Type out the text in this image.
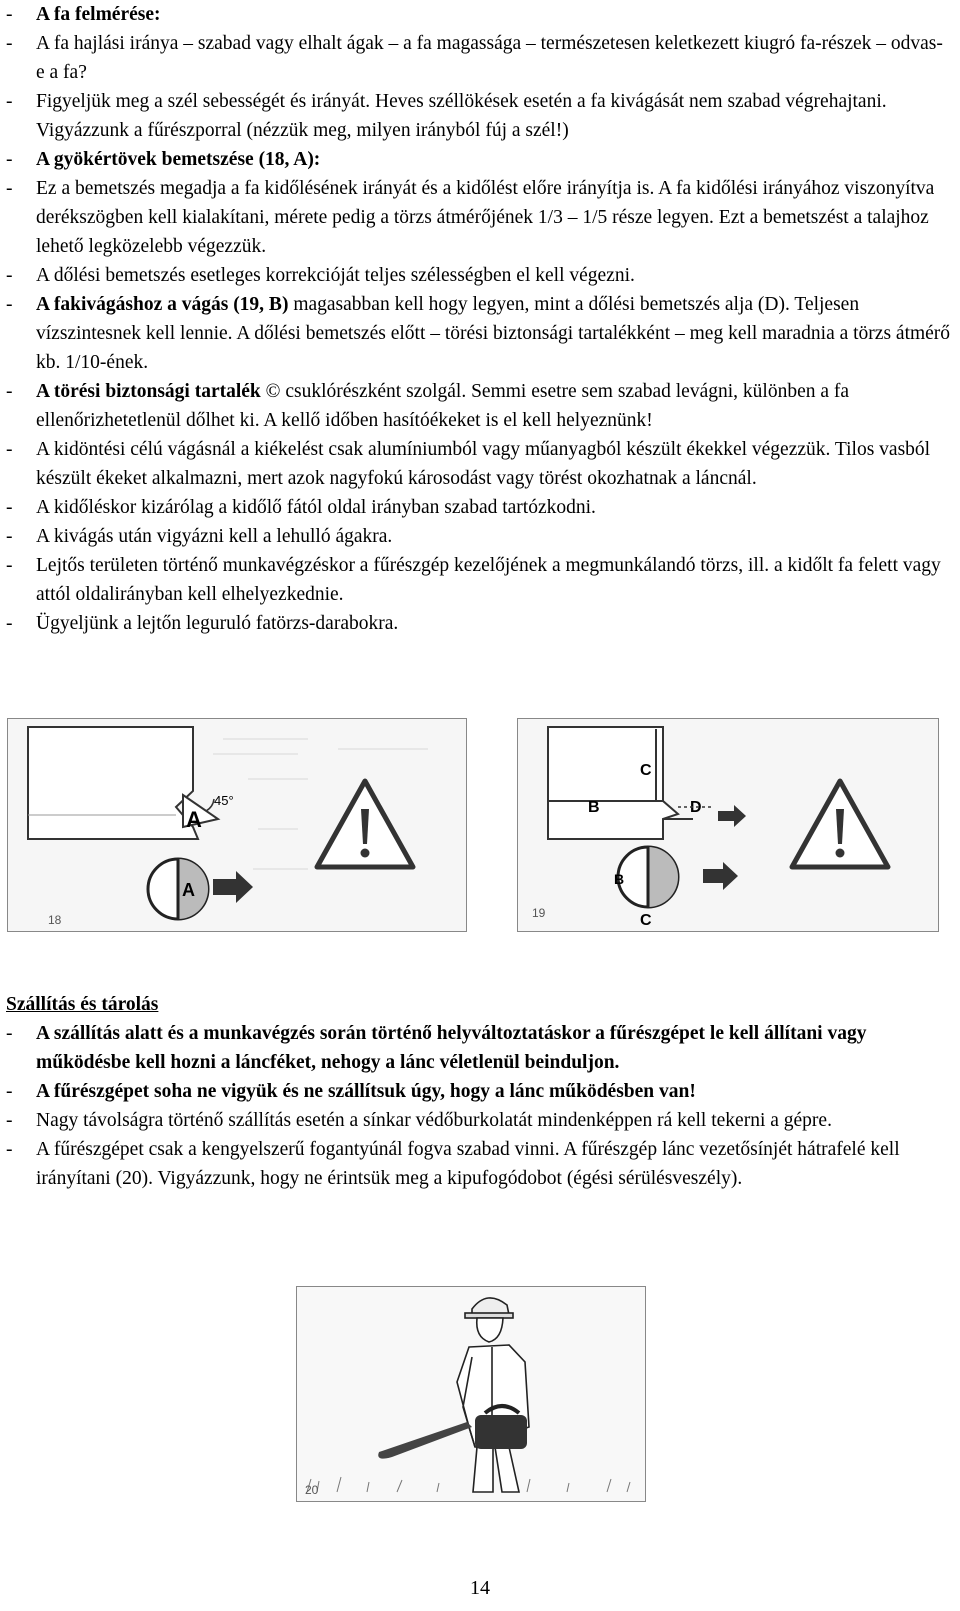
-	A fa felmérése:
-	A fa hajlási iránya – szabad vagy elhalt ágak – a fa magassága – természetesen keletkezett kiugró fa-részek – odvas-e a fa?
-	Figyeljük meg a szél sebességét és irányát. Heves széllökések esetén a fa kivágását nem szabad végrehajtani. Vigyázzunk a fűrészporral (nézzük meg, milyen irányból fúj a szél!)
-	A gyökértövek bemetszése (18, A):
-	Ez a bemetszés megadja a fa kidőlésének irányát és a kidőlést előre irányítja is. A fa kidőlési irányához viszonyítva derékszögben kell kialakítani, mérete pedig a törzs átmérőjének 1/3 – 1/5 része legyen. Ezt a bemetszést a talajhoz lehető legközelebb végezzük.
-	A dőlési bemetszés esetleges korrekcióját teljes szélességben el kell végezni.
-	A fakivágáshoz a vágás (19, B) magasabban kell hogy legyen, mint a dőlési bemetszés alja (D). Teljesen vízszintesnek kell lennie. A dőlési bemetszés előtt – törési biztonsági tartalékként – meg kell maradnia a törzs átmérő kb. 1/10-ének.
-	A törési biztonsági tartalék © csuklórészként szolgál. Semmi esetre sem szabad levágni, különben a fa ellenőrizhetetlenül dőlhet ki. A kellő időben hasítóékeket is el kell helyeznünk!
-	A kidöntési célú vágásnál a kiékelést csak alumíniumból vagy műanyagból készült ékekkel végezzük. Tilos vasból készült ékeket alkalmazni, mert azok nagyfokú károsodást vagy törést okozhatnak a láncnál.
-	A kidőléskor kizárólag a kidőlő fától oldal irányban szabad tartózkodni.
-	A kivágás után vigyázni kell a lehulló ágakra.
-	Lejtős területen történő munkavégzéskor a fűrészgép kezelőjének a megmunkálandó törzs, ill. a kidőlt fa felett vagy attól oldalirányban kell elhelyezkednie.
-	Ügyeljünk a lejtőn leguruló fatörzs-darabokra.
45°
A
A
18
C
B	D
B
C
19
Szállítás és tárolás
-	A szállítás alatt és a munkavégzés során történő helyváltoztatáskor a fűrészgépet le kell állítani vagy működésbe kell hozni a láncféket, nehogy a lánc véletlenül beinduljon.
-	A fűrészgépet soha ne vigyük és ne szállítsuk úgy, hogy a lánc működésben van!
-	Nagy távolságra történő szállítás esetén a sínkar védőburkolatát mindenképpen rá kell tekerni a gépre.
-	A fűrészgépet csak a kengyelszerű fogantyúnál fogva szabad vinni. A fűrészgép lánc vezetősínjét hátrafelé kell irányítani (20). Vigyázzunk, hogy ne érintsük meg a kipufogódobot (égési sérülésveszély).
20
14
